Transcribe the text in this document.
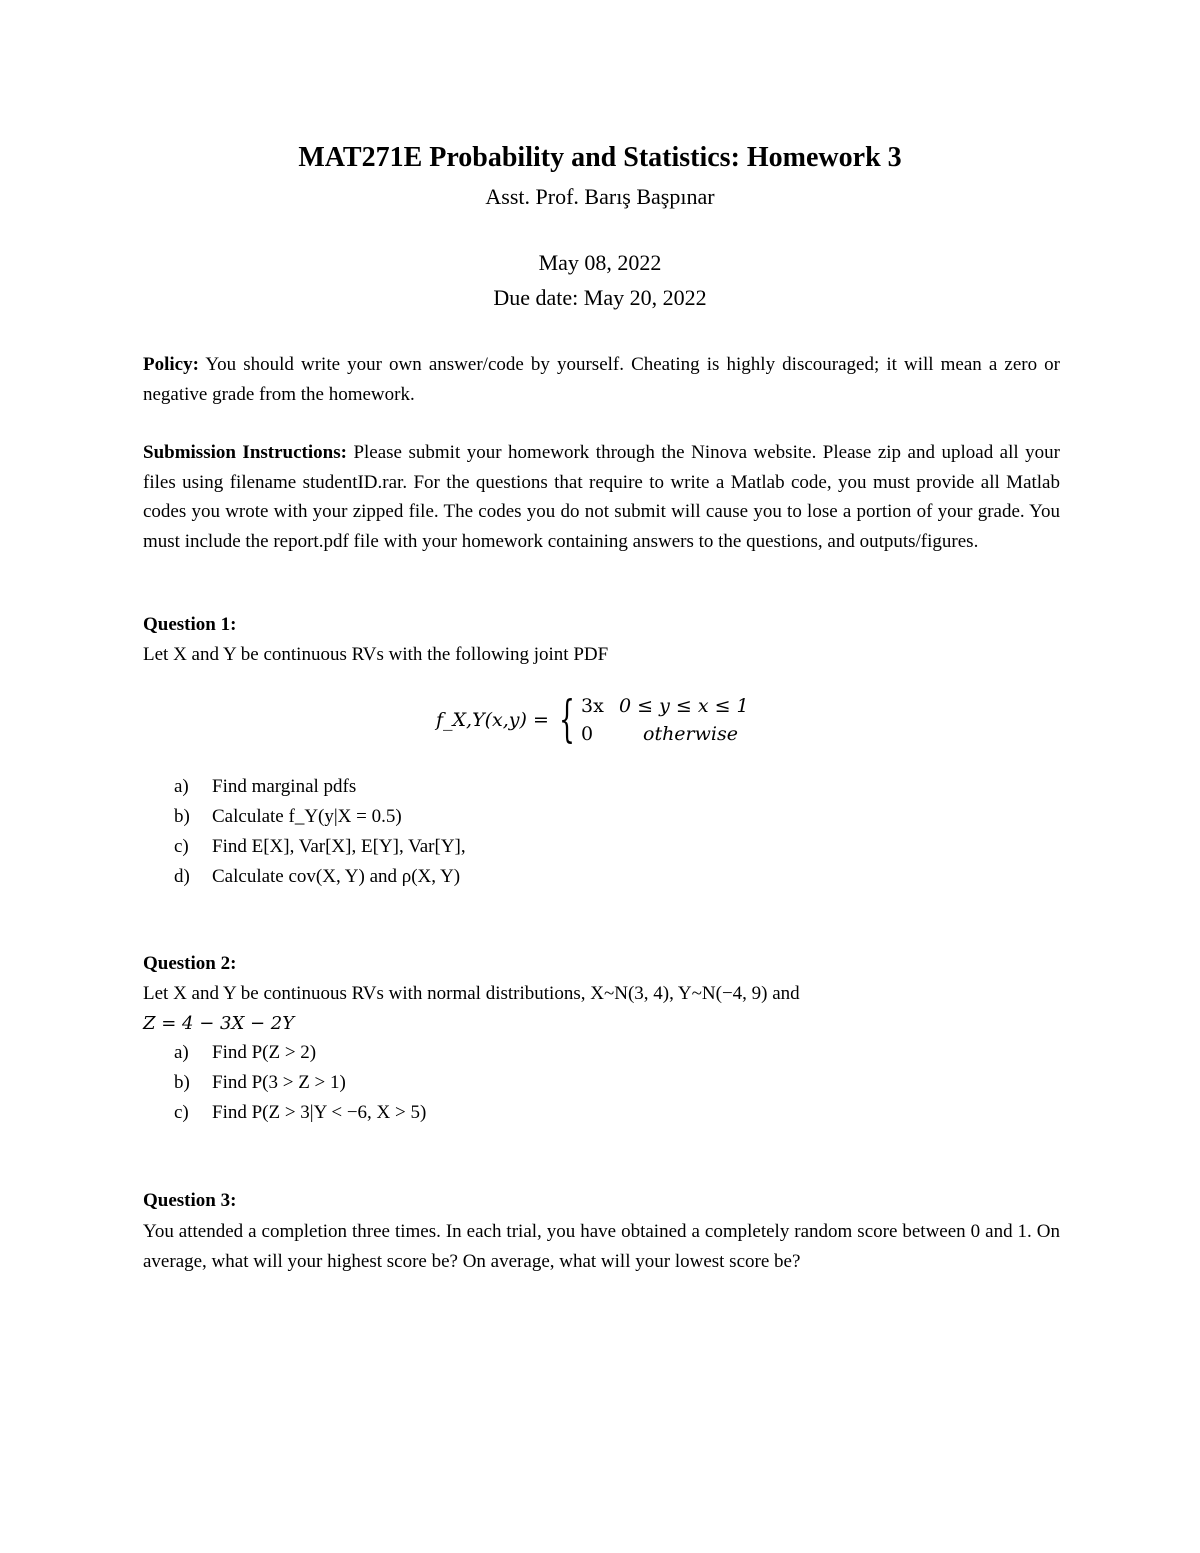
MAT271E Probability and Statistics: Homework 3
Asst. Prof. Barış Başpınar
May 08, 2022
Due date: May 20, 2022
Policy: You should write your own answer/code by yourself. Cheating is highly discouraged; it will mean a zero or negative grade from the homework.
Submission Instructions: Please submit your homework through the Ninova website. Please zip and upload all your files using filename studentID.rar. For the questions that require to write a Matlab code, you must provide all Matlab codes you wrote with your zipped file. The codes you do not submit will cause you to lose a portion of your grade. You must include the report.pdf file with your homework containing answers to the questions, and outputs/figures.
Question 1:
Let X and Y be continuous RVs with the following joint PDF
f_X,Y(x,y) = { 3x
0
0 ≤ y ≤ x ≤ 1
otherwise
a) Find marginal pdfs
b) Calculate f_Y(y|X = 0.5)
c) Find E[X], Var[X], E[Y], Var[Y],
d) Calculate cov(X, Y) and ρ(X, Y)
Question 2:
Let X and Y be continuous RVs with normal distributions, X~N(3, 4), Y~N(−4, 9) and
Z = 4 − 3X − 2Y
a) Find P(Z > 2)
b) Find P(3 > Z > 1)
c) Find P(Z > 3|Y < −6, X > 5)
Question 3:
You attended a completion three times. In each trial, you have obtained a completely random score between 0 and 1. On average, what will your highest score be? On average, what will your lowest score be?
